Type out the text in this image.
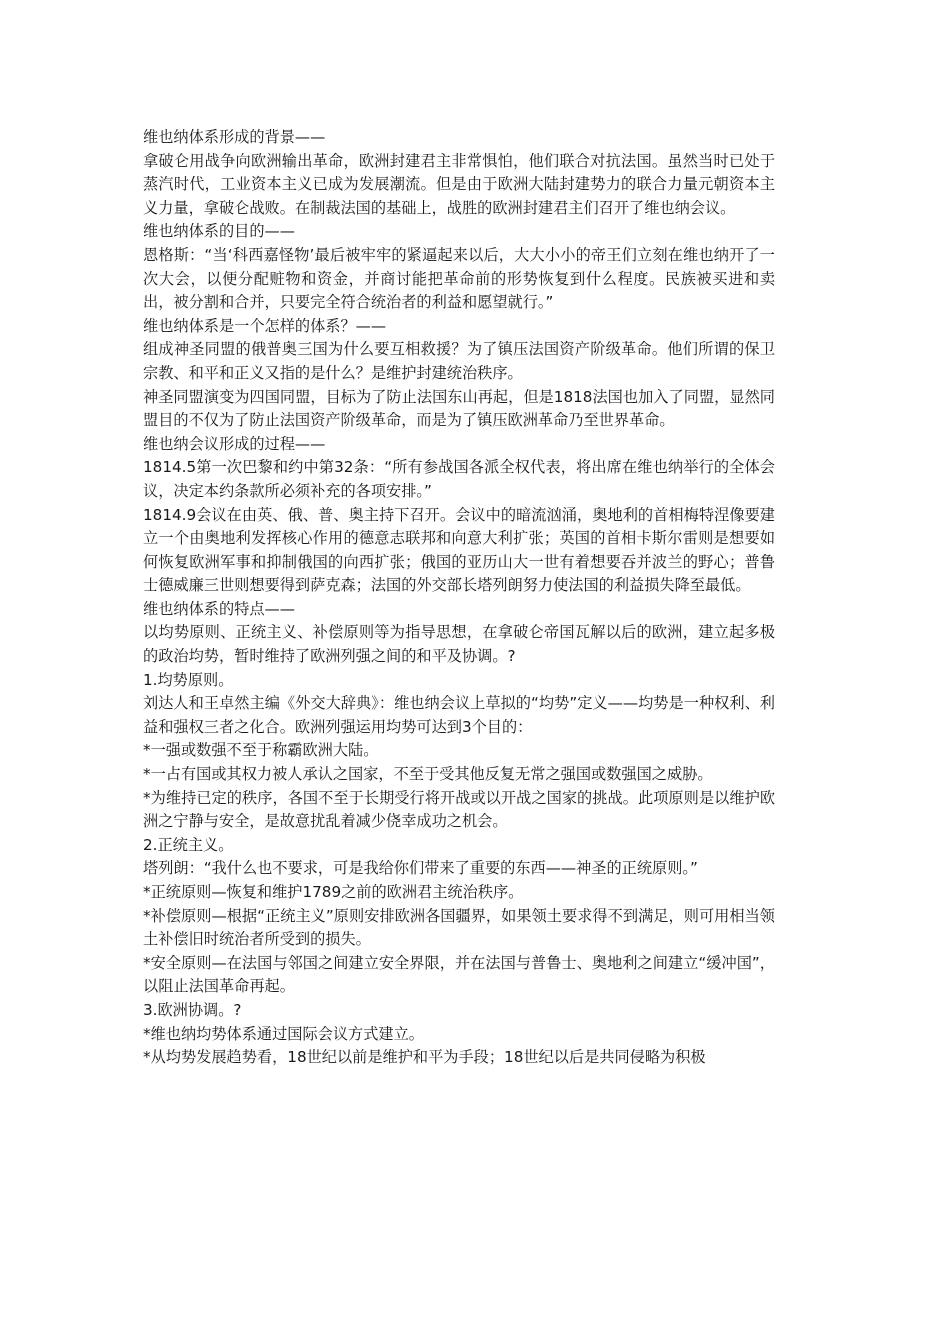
维也纳体系形成的背景——

拿破仑用战争向欧洲输出革命，欧洲封建君主非常惧怕，他们联合对抗法国。虽然当时已处于蒸汽时代，工业资本主义已成为发展潮流。但是由于欧洲大陆封建势力的联合力量元朝资本主义力量，拿破仑战败。在制裁法国的基础上，战胜的欧洲封建君主们召开了维也纳会议。

维也纳体系的目的——

恩格斯：“当‘科西嘉怪物’最后被牢牢的紧逼起来以后，大大小小的帝王们立刻在维也纳开了一次大会，以便分配赃物和资金，并商讨能把革命前的形势恢复到什么程度。民族被买进和卖出，被分割和合并，只要完全符合统治者的利益和愿望就行。”

维也纳体系是一个怎样的体系？——

组成神圣同盟的俄普奥三国为什么要互相救援？为了镇压法国资产阶级革命。他们所谓的保卫宗教、和平和正义又指的是什么？是维护封建统治秩序。

神圣同盟演变为四国同盟，目标为了防止法国东山再起，但是1818法国也加入了同盟，显然同盟目的不仅为了防止法国资产阶级革命，而是为了镇压欧洲革命乃至世界革命。

维也纳会议形成的过程——

1814.5第一次巴黎和约中第32条：“所有参战国各派全权代表，将出席在维也纳举行的全体会议，决定本约条款所必须补充的各项安排。”

1814.9会议在由英、俄、普、奥主持下召开。会议中的暗流汹涌，奥地利的首相梅特涅像要建立一个由奥地利发挥核心作用的德意志联邦和向意大利扩张；英国的首相卡斯尔雷则是想要如何恢复欧洲军事和抑制俄国的向西扩张；俄国的亚历山大一世有着想要吞并波兰的野心；普鲁士德威廉三世则想要得到萨克森；法国的外交部长塔列朗努力使法国的利益损失降至最低。

维也纳体系的特点——

以均势原则、正统主义、补偿原则等为指导思想，在拿破仑帝国瓦解以后的欧洲，建立起多极的政治均势，暂时维持了欧洲列强之间的和平及协调。?

1.均势原则。

刘达人和王卓然主编《外交大辞典》：维也纳会议上草拟的“均势”定义——均势是一种权利、利益和强权三者之化合。欧洲列强运用均势可达到3个目的：

*一强或数强不至于称霸欧洲大陆。

*一占有国或其权力被人承认之国家，不至于受其他反复无常之强国或数强国之威胁。

*为维持已定的秩序，各国不至于长期受行将开战或以开战之国家的挑战。此项原则是以维护欧洲之宁静与安全，是故意扰乱着减少侥幸成功之机会。

2.正统主义。

塔列朗：“我什么也不要求，可是我给你们带来了重要的东西——神圣的正统原则。”

*正统原则—恢复和维护1789之前的欧洲君主统治秩序。

*补偿原则—根据“正统主义”原则安排欧洲各国疆界，如果领土要求得不到满足，则可用相当领土补偿旧时统治者所受到的损失。

*安全原则—在法国与邻国之间建立安全界限，并在法国与普鲁士、奥地利之间建立“缓冲国”，以阻止法国革命再起。

3.欧洲协调。?

*维也纳均势体系通过国际会议方式建立。

*从均势发展趋势看，18世纪以前是维护和平为手段；18世纪以后是共同侵略为积极
